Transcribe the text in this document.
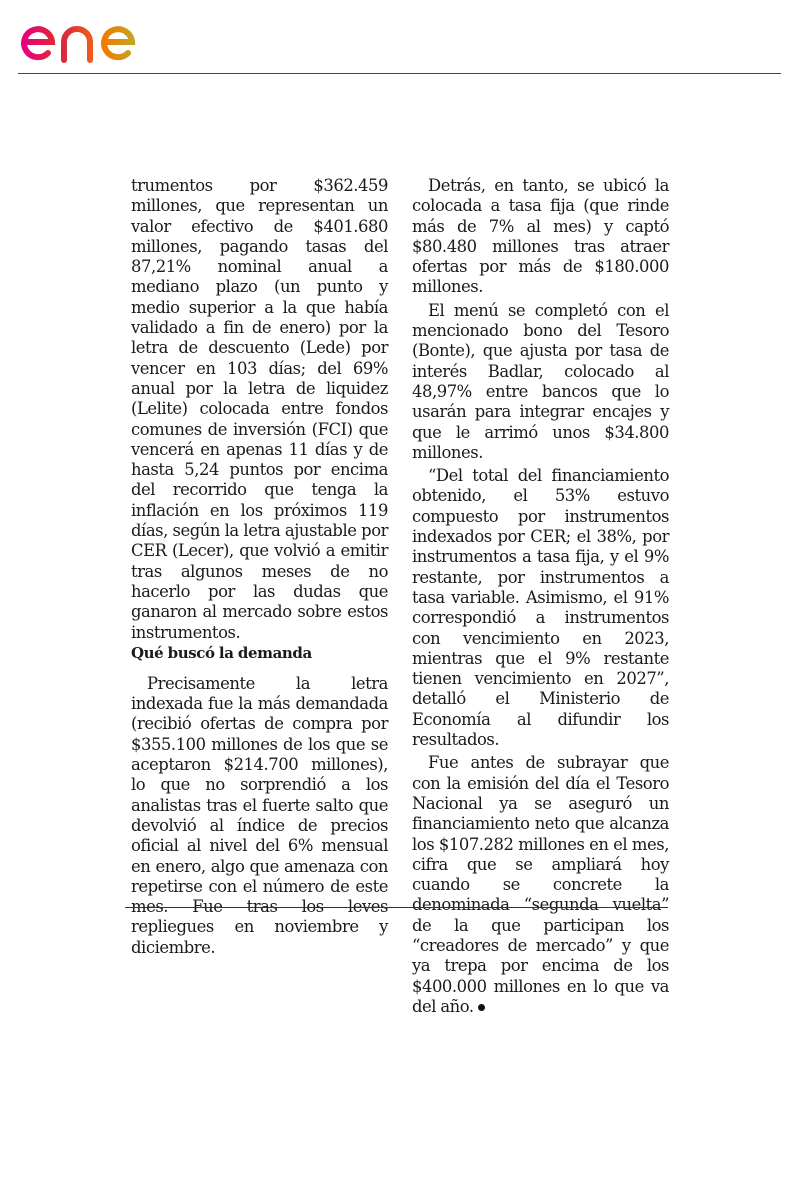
trumentos por $362.459 millones, que representan un valor efectivo de $401.680 millones, pagando tasas del 87,21% nominal anual a mediano plazo (un punto y medio superior a la que había validado a fin de enero) por la letra de descuento (Lede) por vencer en 103 días; del 69% anual por la letra de liquidez (Lelite) colocada entre fondos comunes de inversión (FCI) que vencerá en apenas 11 días y de hasta 5,24 puntos por encima del recorrido que tenga la inflación en los próximos 119 días, según la letra ajustable por CER (Lecer), que volvió a emitir tras algunos meses de no hacerlo por las dudas que ganaron al mercado sobre estos instrumentos.

Qué buscó la demanda

Precisamente la letra indexada fue la más demandada (recibió ofertas de compra por $355.100 millones de los que se aceptaron $214.700 millones), lo que no sorprendió a los analistas tras el fuerte salto que devolvió al índice de precios oficial al nivel del 6% mensual en enero, algo que amenaza con repetirse con el número de este mes. Fue tras los leves repliegues en noviembre y diciembre.

Detrás, en tanto, se ubicó la colocada a tasa fija (que rinde más de 7% al mes) y captó $80.480 millones tras atraer ofertas por más de $180.000 millones.

El menú se completó con el mencionado bono del Tesoro (Bonte), que ajusta por tasa de interés Badlar, colocado al 48,97% entre bancos que lo usarán para integrar encajes y que le arrimó unos $34.800 millones.

“Del total del financiamiento obtenido, el 53% estuvo compuesto por instrumentos indexados por CER; el 38%, por instrumentos a tasa fija, y el 9% restante, por instrumentos a tasa variable. Asimismo, el 91% correspondió a instrumentos con vencimiento en 2023, mientras que el 9% restante tienen vencimiento en 2027”, detalló el Ministerio de Economía al difundir los resultados.

Fue antes de subrayar que con la emisión del día el Tesoro Nacional ya se aseguró un financiamiento neto que alcanza los $107.282 millones en el mes, cifra que se ampliará hoy cuando se concrete la denominada “segunda vuelta” de la que participan los “creadores de mercado” y que ya trepa por encima de los $400.000 millones en lo que va del año.
